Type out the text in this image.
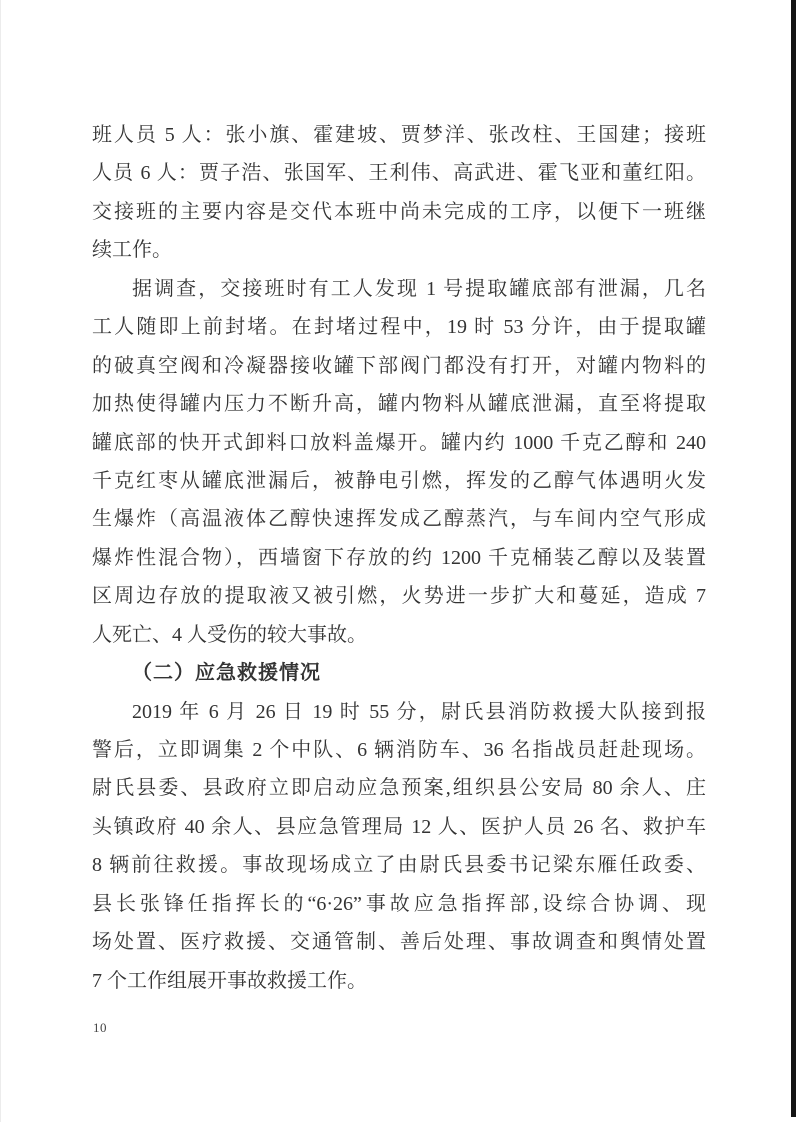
班人员 5 人：张小旗、霍建坡、贾梦洋、张改柱、王国建；接班
人员 6 人：贾子浩、张国军、王利伟、高武进、霍飞亚和董红阳。
交接班的主要内容是交代本班中尚未完成的工序，以便下一班继
续工作。
据调查，交接班时有工人发现 1 号提取罐底部有泄漏，几名
工人随即上前封堵。在封堵过程中，19 时 53 分许，由于提取罐
的破真空阀和冷凝器接收罐下部阀门都没有打开，对罐内物料的
加热使得罐内压力不断升高，罐内物料从罐底泄漏，直至将提取
罐底部的快开式卸料口放料盖爆开。罐内约 1000 千克乙醇和 240
千克红枣从罐底泄漏后，被静电引燃，挥发的乙醇气体遇明火发
生爆炸（高温液体乙醇快速挥发成乙醇蒸汽，与车间内空气形成
爆炸性混合物），西墙窗下存放的约 1200 千克桶装乙醇以及装置
区周边存放的提取液又被引燃，火势进一步扩大和蔓延，造成 7
人死亡、4 人受伤的较大事故。
（二）应急救援情况
2019 年 6 月 26 日 19 时 55 分，尉氏县消防救援大队接到报
警后，立即调集 2 个中队、6 辆消防车、36 名指战员赶赴现场。
尉氏县委、县政府立即启动应急预案,组织县公安局 80 余人、庄
头镇政府 40 余人、县应急管理局 12 人、医护人员 26 名、救护车
8 辆前往救援。事故现场成立了由尉氏县委书记梁东雁任政委、
县长张锋任指挥长的“6·26”事故应急指挥部,设综合协调、现
场处置、医疗救援、交通管制、善后处理、事故调查和舆情处置
7 个工作组展开事故救援工作。
10
